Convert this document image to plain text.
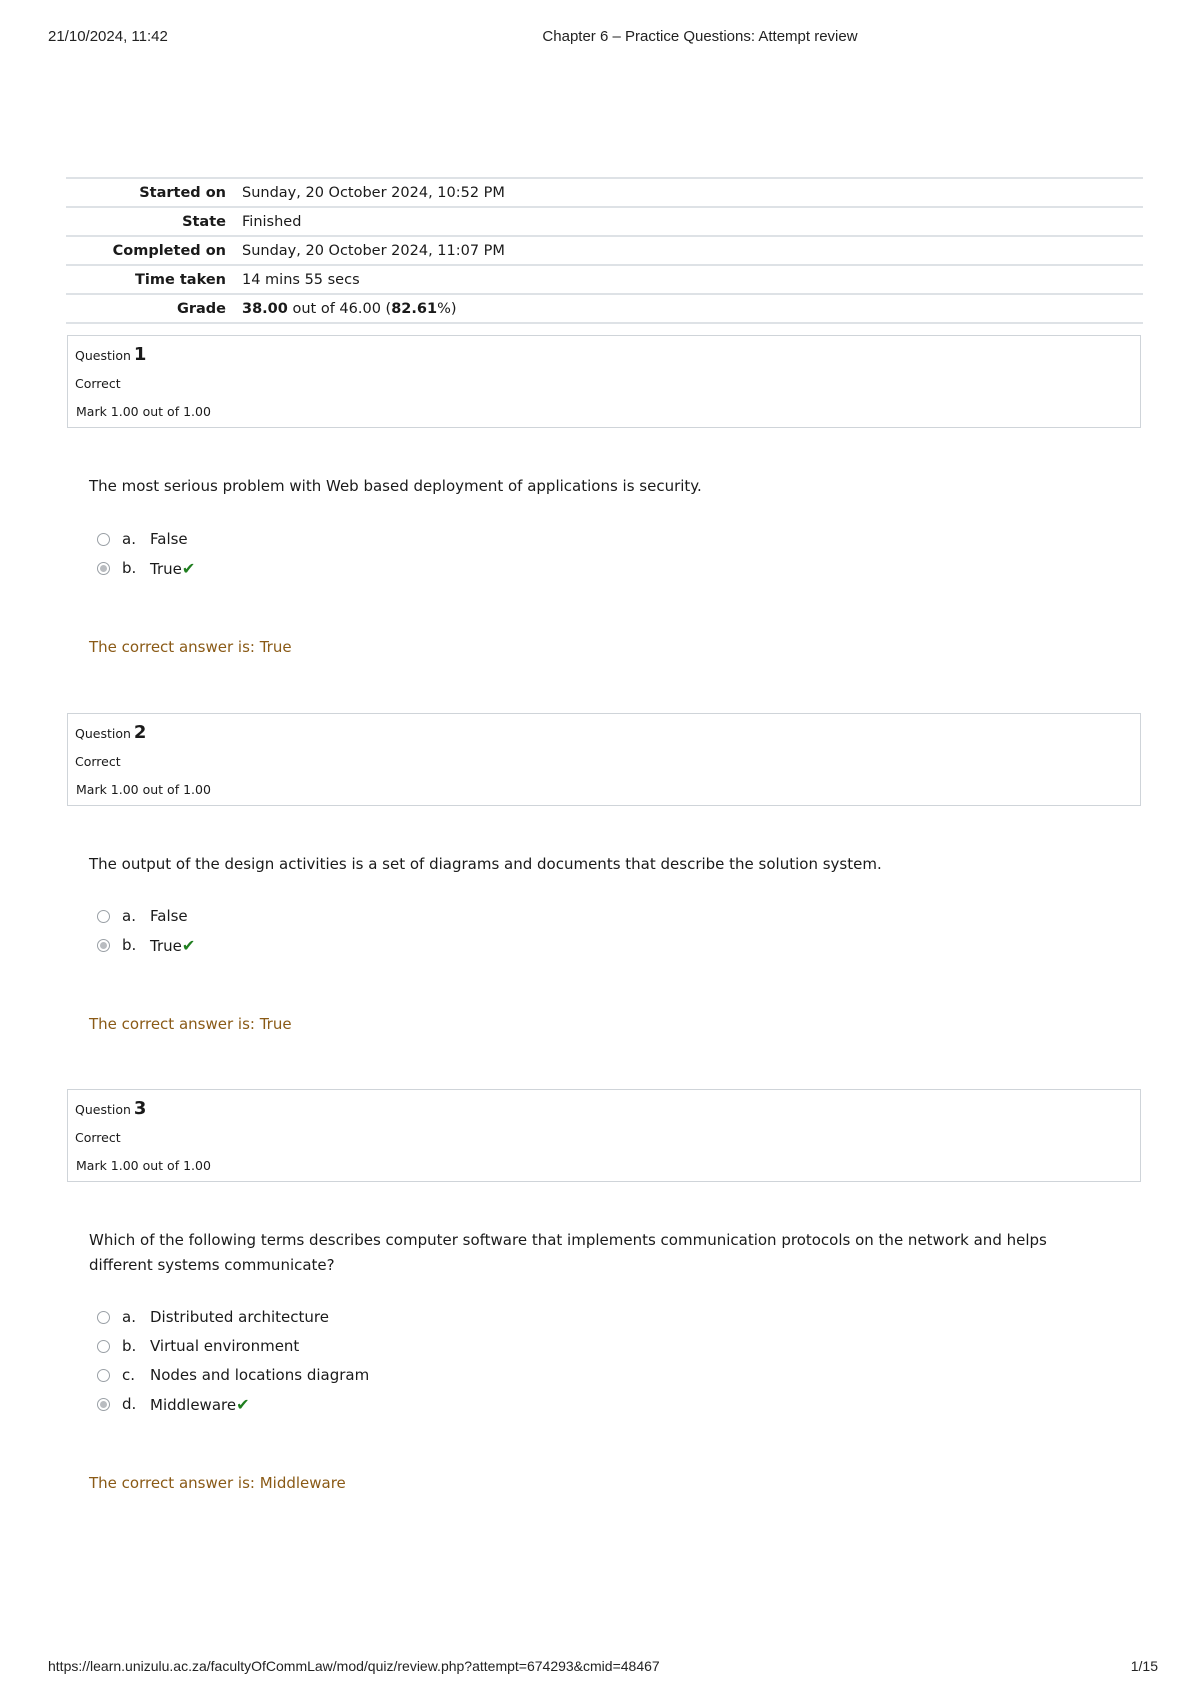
21/10/2024, 11:42	Chapter 6 – Practice Questions: Attempt review
Started on	Sunday, 20 October 2024, 10:52 PM
State	Finished
Completed on	Sunday, 20 October 2024, 11:07 PM
Time taken	14 mins 55 secs
Grade	38.00 out of 46.00 (82.61%)
Question 1
Correct
Mark 1.00 out of 1.00
The most serious problem with Web based deployment of applications is security.
a. False
b. True✔
The correct answer is: True
Question 2
Correct
Mark 1.00 out of 1.00
The output of the design activities is a set of diagrams and documents that describe the solution system.
a. False
b. True✔
The correct answer is: True
Question 3
Correct
Mark 1.00 out of 1.00
Which of the following terms describes computer software that implements communication protocols on the network and helps different systems communicate?
a. Distributed architecture
b. Virtual environment
c. Nodes and locations diagram
d. Middleware✔
The correct answer is: Middleware
https://learn.unizulu.ac.za/facultyOfCommLaw/mod/quiz/review.php?attempt=674293&cmid=48467	1/15
